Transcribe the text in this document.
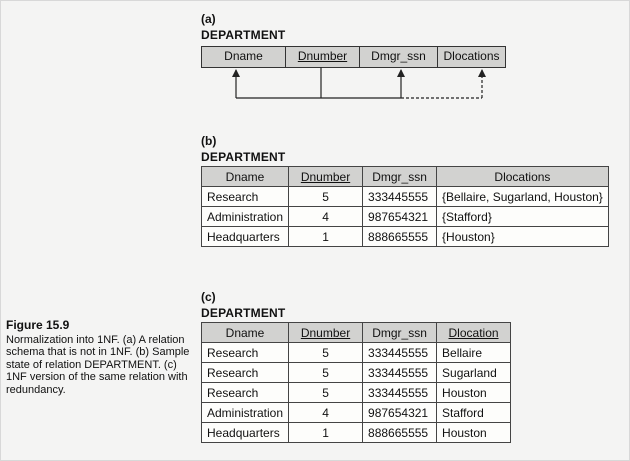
(a)
DEPARTMENT
Dname	Dnumber	Dmgr_ssn	Dlocations
(b)
DEPARTMENT
Dname	Dnumber	Dmgr_ssn	Dlocations
Research	5	333445555	{Bellaire, Sugarland, Houston}
Administration	4	987654321	{Stafford}
Headquarters	1	888665555	{Houston}
(c)
DEPARTMENT
Dname	Dnumber	Dmgr_ssn	Dlocation
Research	5	333445555	Bellaire
Research	5	333445555	Sugarland
Research	5	333445555	Houston
Administration	4	987654321	Stafford
Headquarters	1	888665555	Houston
Figure 15.9
Normalization into 1NF. (a) A relation schema that is not in 1NF. (b) Sample state of relation DEPARTMENT. (c) 1NF version of the same relation with redundancy.
